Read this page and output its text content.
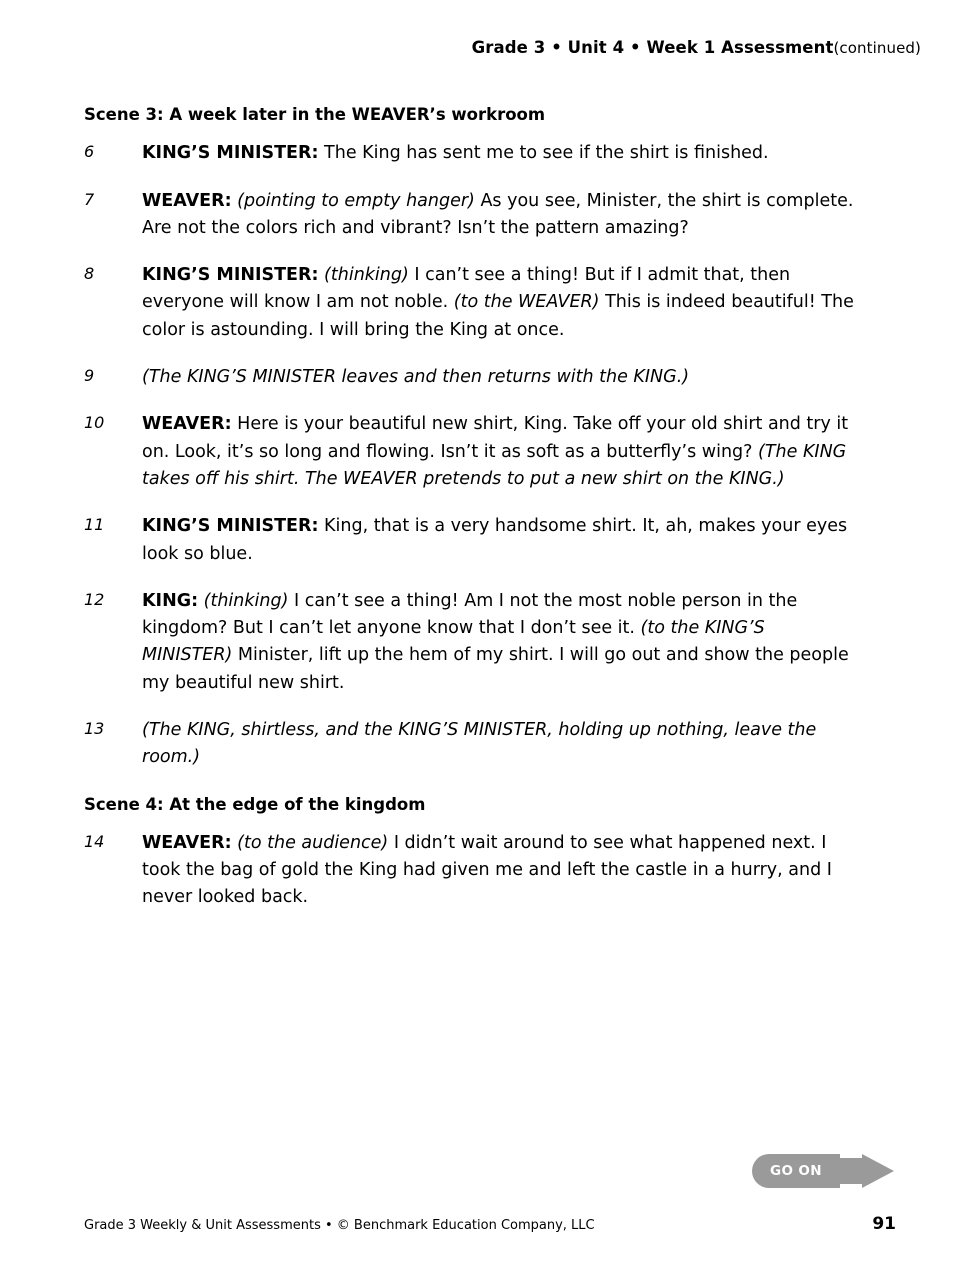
Grade 3 • Unit 4 • Week 1 Assessment(continued)
Scene 3: A week later in the WEAVER’s workroom
6	KING’S MINISTER: The King has sent me to see if the shirt is finished.
7	WEAVER: (pointing to empty hanger) As you see, Minister, the shirt is complete. Are not the colors rich and vibrant? Isn’t the pattern amazing?
8	KING’S MINISTER: (thinking) I can’t see a thing! But if I admit that, then everyone will know I am not noble. (to the WEAVER) This is indeed beautiful! The color is astounding. I will bring the King at once.
9	(The KING’S MINISTER leaves and then returns with the KING.)
10	WEAVER: Here is your beautiful new shirt, King. Take off your old shirt and try it on. Look, it’s so long and flowing. Isn’t it as soft as a butterfly’s wing? (The KING takes off his shirt. The WEAVER pretends to put a new shirt on the KING.)
11	KING’S MINISTER: King, that is a very handsome shirt. It, ah, makes your eyes look so blue.
12	KING: (thinking) I can’t see a thing! Am I not the most noble person in the kingdom? But I can’t let anyone know that I don’t see it. (to the KING’S MINISTER) Minister, lift up the hem of my shirt. I will go out and show the people my beautiful new shirt.
13	(The KING, shirtless, and the KING’S MINISTER, holding up nothing, leave the room.)
Scene 4: At the edge of the kingdom
14	WEAVER: (to the audience) I didn’t wait around to see what happened next. I took the bag of gold the King had given me and left the castle in a hurry, and I never looked back.
GO ON
Grade 3 Weekly & Unit Assessments • © Benchmark Education Company, LLC	91
